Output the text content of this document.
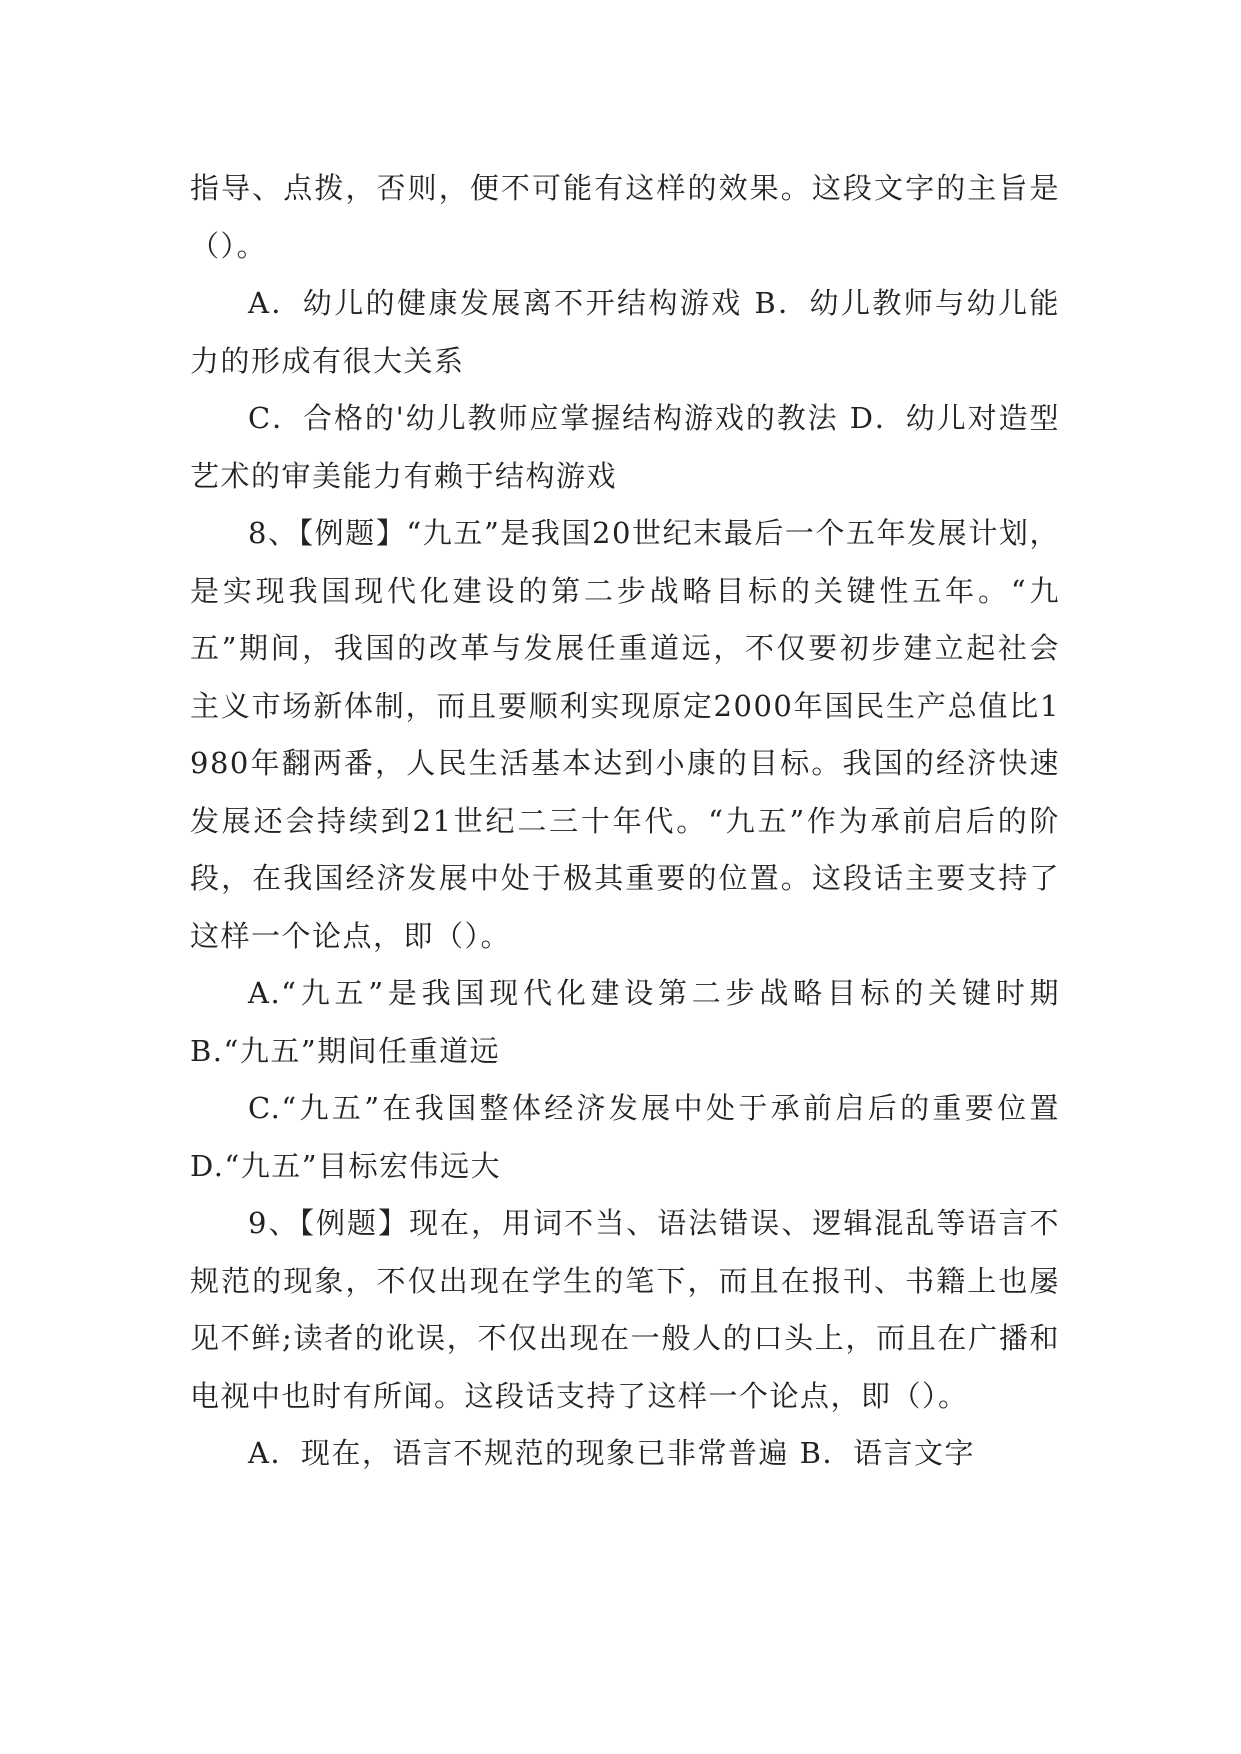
指导、点拨，否则，便不可能有这样的效果。这段文字的主旨是（）。

A．幼儿的健康发展离不开结构游戏 B．幼儿教师与幼儿能力的形成有很大关系

C．合格的'幼儿教师应掌握结构游戏的教法 D．幼儿对造型艺术的审美能力有赖于结构游戏

8、【例题】“九五”是我国20世纪末最后一个五年发展计划，是实现我国现代化建设的第二步战略目标的关键性五年。“九五”期间，我国的改革与发展任重道远，不仅要初步建立起社会主义市场新体制，而且要顺利实现原定2000年国民生产总值比1980年翻两番，人民生活基本达到小康的目标。我国的经济快速发展还会持续到21世纪二三十年代。“九五”作为承前启后的阶段，在我国经济发展中处于极其重要的位置。这段话主要支持了这样一个论点，即（）。

A.“九五”是我国现代化建设第二步战略目标的关键时期 B.“九五”期间任重道远

C.“九五”在我国整体经济发展中处于承前启后的重要位置 D.“九五”目标宏伟远大

9、【例题】现在，用词不当、语法错误、逻辑混乱等语言不规范的现象，不仅出现在学生的笔下，而且在报刊、书籍上也屡见不鲜;读者的讹误，不仅出现在一般人的口头上，而且在广播和电视中也时有所闻。这段话支持了这样一个论点，即（）。

A．现在，语言不规范的现象已非常普遍 B．语言文字
